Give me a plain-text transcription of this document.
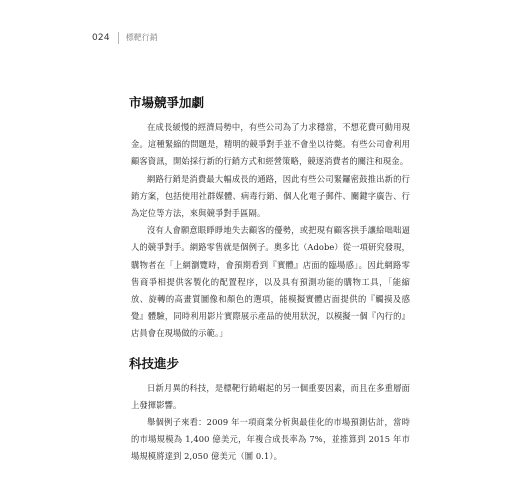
024 標靶行銷
市場競爭加劇

在成長緩慢的經濟局勢中，有些公司為了力求穩當，不想花費可動用現金。這種緊縮的問題是，精明的競爭對手並不會坐以待斃。有些公司會利用顧客資訊，開始採行新的行銷方式和經營策略，競逐消費者的關注和現金。

網路行銷是消費最大幅成長的通路，因此有些公司緊鑼密鼓推出新的行銷方案，包括使用社群媒體、病毒行銷、個人化電子郵件、關鍵字廣告、行為定位等方法，來與競爭對手區隔。

沒有人會願意眼睜睜地失去顧客的優勢，或把現有顧客拱手讓給咄咄逼人的競爭對手。網路零售就是個例子。奧多比（Adobe）從一項研究發現，購物者在「上網瀏覽時，會預期看到『實體』店面的臨場感」。因此網路零售商爭相提供客製化的配置程序，以及具有預測功能的購物工具，「能縮放、旋轉的高畫質圖像和顏色的選項，能模擬實體店面提供的『觸摸及感覺』體驗，同時利用影片實際展示產品的使用狀況，以模擬一個『內行的』店員會在現場做的示範。」

科技進步

日新月異的科技，是標靶行銷崛起的另一個重要因素，而且在多重層面上發揮影響。

舉個例子來看：2009 年一項商業分析與最佳化的市場預測估計，當時的市場規模為 1,400 億美元，年複合成長率為 7%，並推算到 2015 年市場規模將達到 2,050 億美元（圖 0.1）。
